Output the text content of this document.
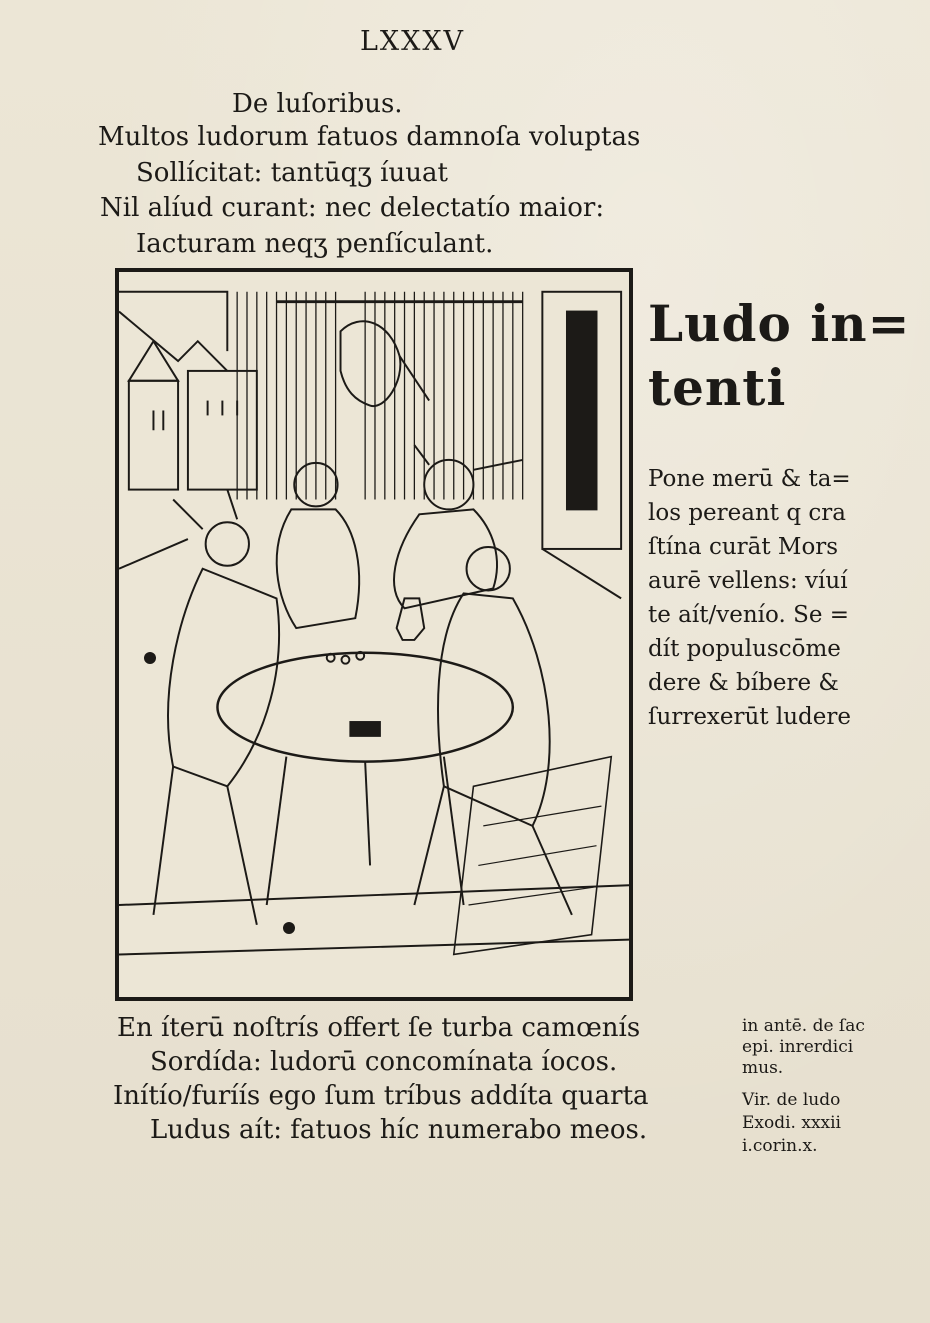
LXXXV
De luſoribus.
Multos ludorum fatuos damnoſa voluptas
Sollícitat: tantūqʒ íuuat
Nil alíud curant: nec delectatío maior:
Iacturam neqʒ penſículant.
Ludo in=
tenti
Pone merū & ta=
los pereant q cra
ſtína curāt Mors
aurē vellens: víuí
te aít/venío. Se =
dít populuscōme
dere & bíbere &
ſurrexerūt ludere
En íterū noſtrís offert ſe turba camœnís
Sordída: ludorū concomínata íocos.
Inítío/furíís ego ſum tríbus addíta quarta
Ludus aít: fatuos híc numerabo meos.
in antē. de ſac
epi. inrerdici
mus.
Vir. de ludo
Exodi. xxxii
i.corin.x.
